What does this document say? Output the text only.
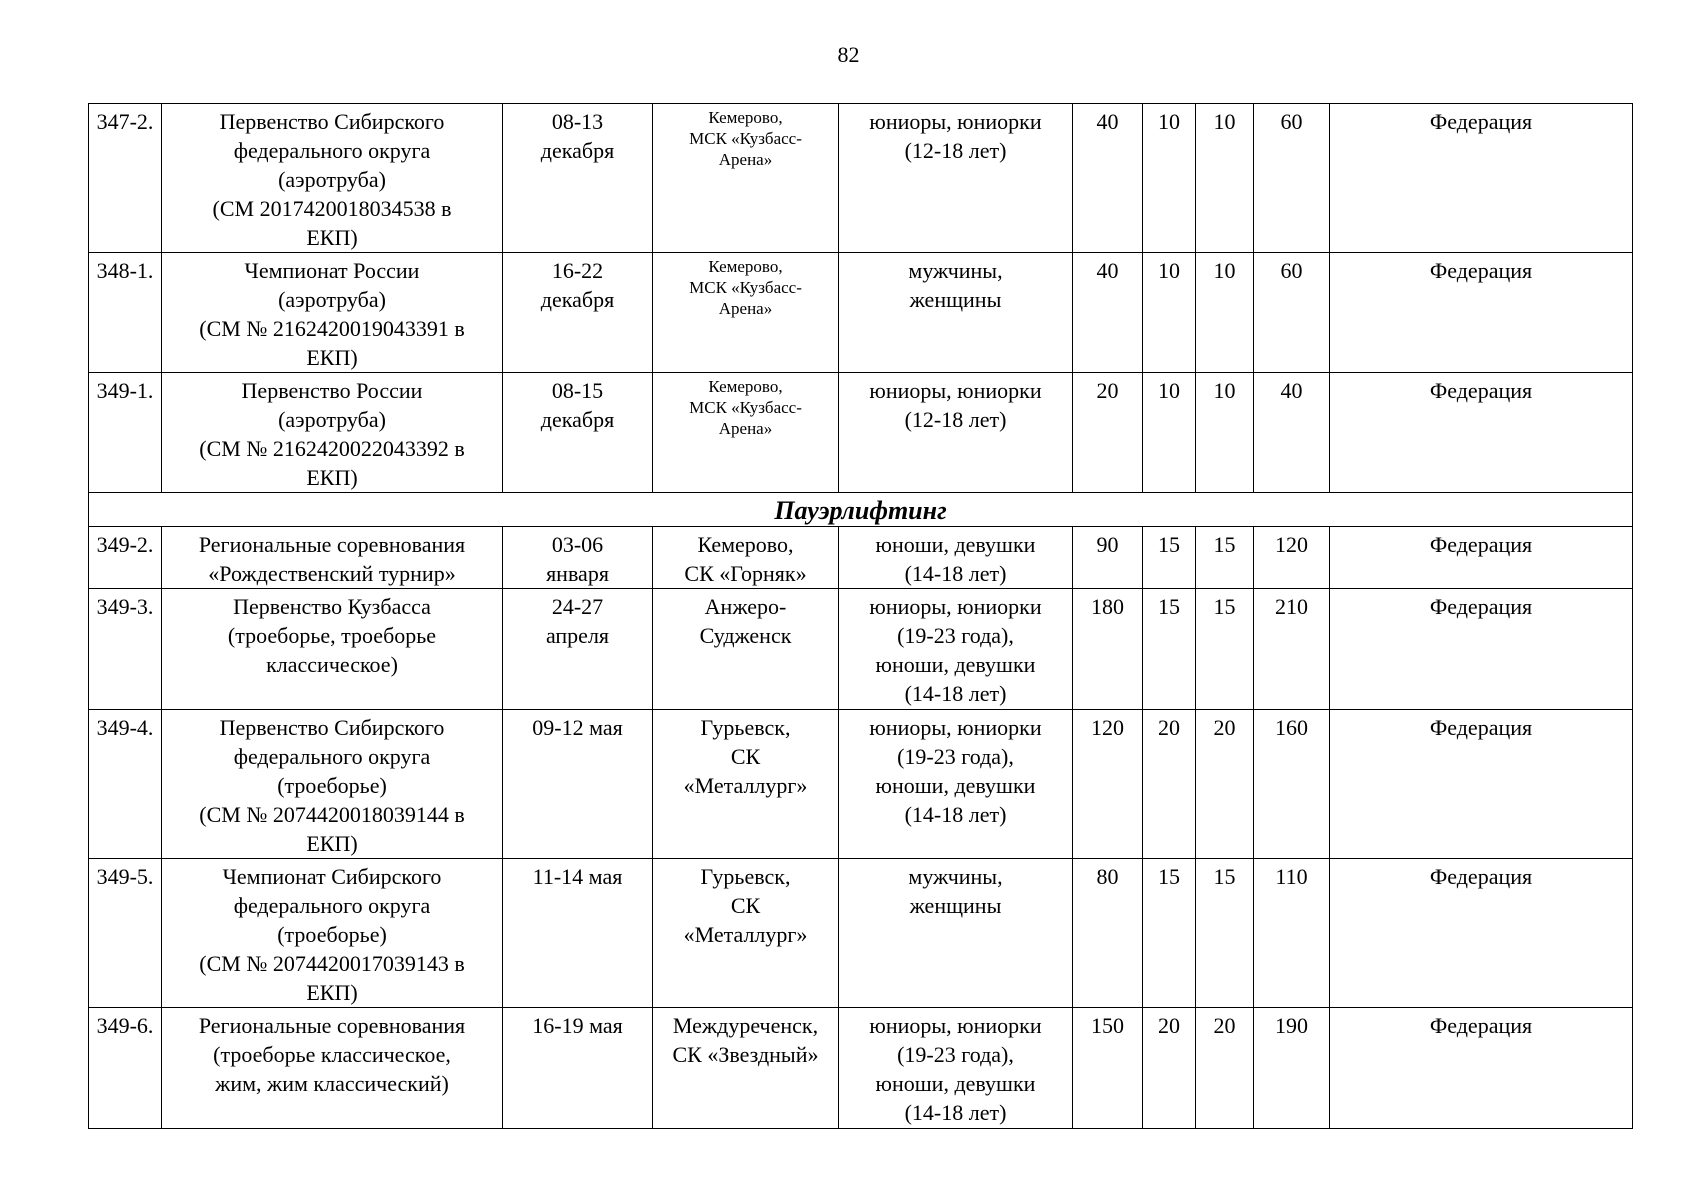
82
347-2.	Первенство Сибирского
федерального округа
(аэротруба)
(СМ 2017420018034538 в
ЕКП)	08-13
декабря	Кемерово,
МСК «Кузбасс-
Арена»	юниоры, юниорки
(12-18 лет)	40	10	10	60	Федерация
348-1.	Чемпионат России
(аэротруба)
(СМ № 2162420019043391 в
ЕКП)	16-22
декабря	Кемерово,
МСК «Кузбасс-
Арена»	мужчины,
женщины	40	10	10	60	Федерация
349-1.	Первенство России
(аэротруба)
(СМ № 2162420022043392 в
ЕКП)	08-15
декабря	Кемерово,
МСК «Кузбасс-
Арена»	юниоры, юниорки
(12-18 лет)	20	10	10	40	Федерация
Пауэрлифтинг									
349-2.	Региональные соревнования
«Рождественский турнир»	03-06
января	Кемерово,
СК «Горняк»	юноши, девушки
(14-18 лет)	90	15	15	120	Федерация
349-3.	Первенство Кузбасса
(троеборье, троеборье
классическое)	24-27
апреля	Анжеро-
Судженск	юниоры, юниорки
(19-23 года),
юноши, девушки
(14-18 лет)	180	15	15	210	Федерация
349-4.	Первенство Сибирского
федерального округа
(троеборье)
(СМ № 2074420018039144 в
ЕКП)	09-12 мая	Гурьевск,
СК
«Металлург»	юниоры, юниорки
(19-23 года),
юноши, девушки
(14-18 лет)	120	20	20	160	Федерация
349-5.	Чемпионат Сибирского
федерального округа
(троеборье)
(СМ № 2074420017039143 в
ЕКП)	11-14 мая	Гурьевск,
СК
«Металлург»	мужчины,
женщины	80	15	15	110	Федерация
349-6.	Региональные соревнования
(троеборье классическое,
жим, жим классический)	16-19 мая	Междуреченск,
СК «Звездный»	юниоры, юниорки
(19-23 года),
юноши, девушки
(14-18 лет)	150	20	20	190	Федерация
